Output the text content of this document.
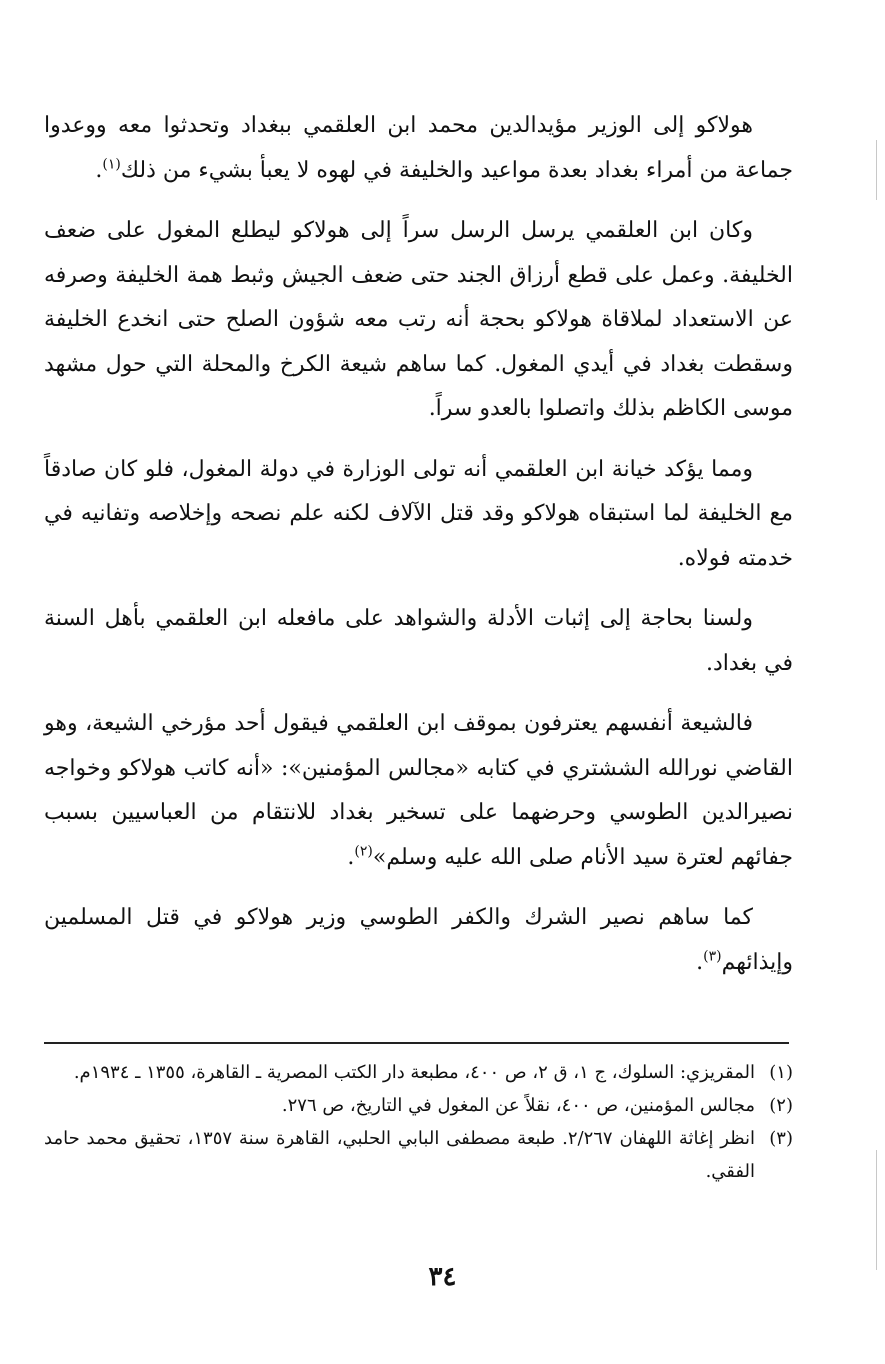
هولاكو إلى الوزير مؤيدالدين محمد ابن العلقمي ببغداد وتحدثوا معه ووعدوا جماعة من أمراء بغداد بعدة مواعيد والخليفة في لهوه لا يعبأ بشيء من ذلك$^{(١)}$.

وكان ابن العلقمي يرسل الرسل سراً إلى هولاكو ليطلع المغول على ضعف الخليفة. وعمل على قطع أرزاق الجند حتى ضعف الجيش وثبط همة الخليفة وصرفه عن الاستعداد لملاقاة هولاكو بحجة أنه رتب معه شؤون الصلح حتى انخدع الخليفة وسقطت بغداد في أيدي المغول. كما ساهم شيعة الكرخ والمحلة التي حول مشهد موسى الكاظم بذلك واتصلوا بالعدو سراً.

ومما يؤكد خيانة ابن العلقمي أنه تولى الوزارة في دولة المغول، فلو كان صادقاً مع الخليفة لما استبقاه هولاكو وقد قتل الآلاف لكنه علم نصحه وإخلاصه وتفانيه في خدمته فولاه.

ولسنا بحاجة إلى إثبات الأدلة والشواهد على مافعله ابن العلقمي بأهل السنة في بغداد.

فالشيعة أنفسهم يعترفون بموقف ابن العلقمي فيقول أحد مؤرخي الشيعة، وهو القاضي نورالله الششتري في كتابه «مجالس المؤمنين»: «أنه كاتب هولاكو وخواجه نصيرالدين الطوسي وحرضهما على تسخير بغداد للانتقام من العباسيين بسبب جفائهم لعترة سيد الأنام صلى الله عليه وسلم»$^{(٢)}$.

كما ساهم نصير الشرك والكفر الطوسي وزير هولاكو في قتل المسلمين وإيذائهم$^{(٣)}$.

(١)
المقريزي: السلوك، ج ١، ق ٢، ص ٤٠٠، مطبعة دار الكتب المصرية ـ القاهرة، ١٣٥٥ ـ ١٩٣٤م.
(٢)
مجالس المؤمنين، ص ٤٠٠، نقلاً عن المغول في التاريخ، ص ٢٧٦.
(٣)
انظر إغاثة اللهفان ٢/٢٦٧. طبعة مصطفى البابي الحلبي، القاهرة سنة ١٣٥٧، تحقيق محمد حامد الفقي.
٣٤
